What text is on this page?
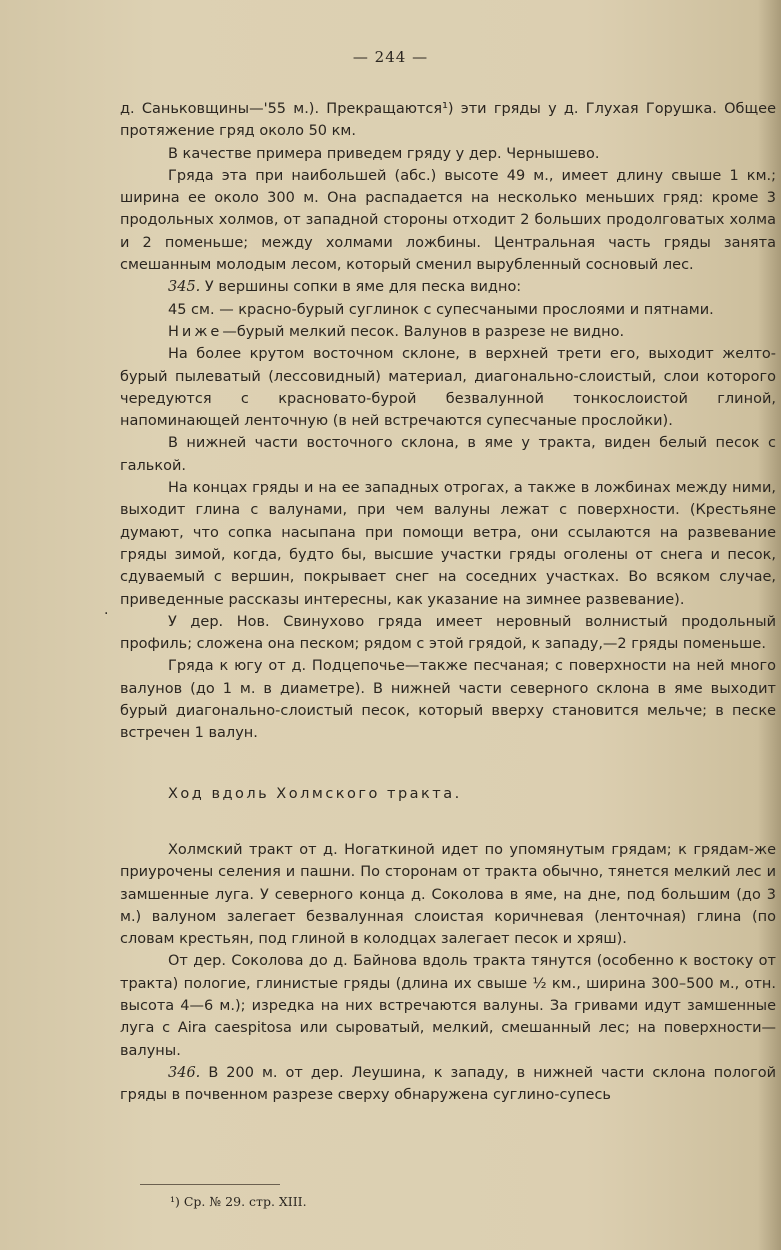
— 244 —

д. Саньковщины—'55 м.). Прекращаются¹) эти гряды у д. Глухая Горушка. Общее протяжение гряд около 50 км.

В качестве примера приведем гряду у дер. Чернышево.

Гряда эта при наибольшей (абс.) высоте 49 м., имеет длину свыше 1 км.; ширина ее около 300 м. Она распадается на несколько меньших гряд: кроме 3 продольных холмов, от западной стороны отходит 2 больших продолговатых холма и 2 поменьше; между холмами ложбины. Центральная часть гряды занята смешанным молодым лесом, который сменил вырубленный сосновый лес.

345. У вершины сопки в яме для песка видно:

45 см. — красно-бурый суглинок с супесчаными прослоями и пятнами.

Ниже—бурый мелкий песок. Валунов в разрезе не видно.

На более крутом восточном склоне, в верхней трети его, выходит желто-бурый пылеватый (лессовидный) материал, диагонально-слоистый, слои которого чередуются с красновато-бурой безвалунной тонкослоистой глиной, напоминающей ленточную (в ней встречаются супесчаные прослойки).

В нижней части восточного склона, в яме у тракта, виден белый песок с галькой.

На концах гряды и на ее западных отрогах, а также в ложбинах между ними, выходит глина с валунами, при чем валуны лежат с поверхности. (Крестьяне думают, что сопка насыпана при помощи ветра, они ссылаются на развевание гряды зимой, когда, будто бы, высшие участки гряды оголены от снега и песок, сдуваемый с вершин, покрывает снег на соседних участках. Во всяком случае, приведенные рассказы интересны, как указание на зимнее развевание).

У дер. Нов. Свинухово гряда имеет неровный волнистый продольный профиль; сложена она песком; рядом с этой грядой, к западу,—2 гряды поменьше.

Гряда к югу от д. Подцепочье—также песчаная; с поверхности на ней много валунов (до 1 м. в диаметре). В нижней части северного склона в яме выходит бурый диагонально-слоистый песок, который вверху становится мельче; в песке встречен 1 валун.

Ход вдоль Холмского тракта.

Холмский тракт от д. Ногаткиной идет по упомянутым грядам; к грядам-же приурочены селения и пашни. По сторонам от тракта обычно, тянется мелкий лес и замшенные луга. У северного конца д. Соколова в яме, на дне, под большим (до 3 м.) валуном залегает безвалунная слоистая коричневая (ленточная) глина (по словам крестьян, под глиной в колодцах залегает песок и хряш).

От дер. Соколова до д. Байнова вдоль тракта тянутся (особенно к востоку от тракта) пологие, глинистые гряды (длина их свыше ½ км., ширина 300–500 м., отн. высота 4—6 м.); изредка на них встречаются валуны. За гривами идут замшенные луга с Aira caespitosa или сыроватый, мелкий, смешанный лес; на поверхности—валуны.

346. В 200 м. от дер. Леушина, к западу, в нижней части склона пологой гряды в почвенном разрезе сверху обнаружена суглино-супесь

·
¹) Ср. № 29. стр. XIII.
